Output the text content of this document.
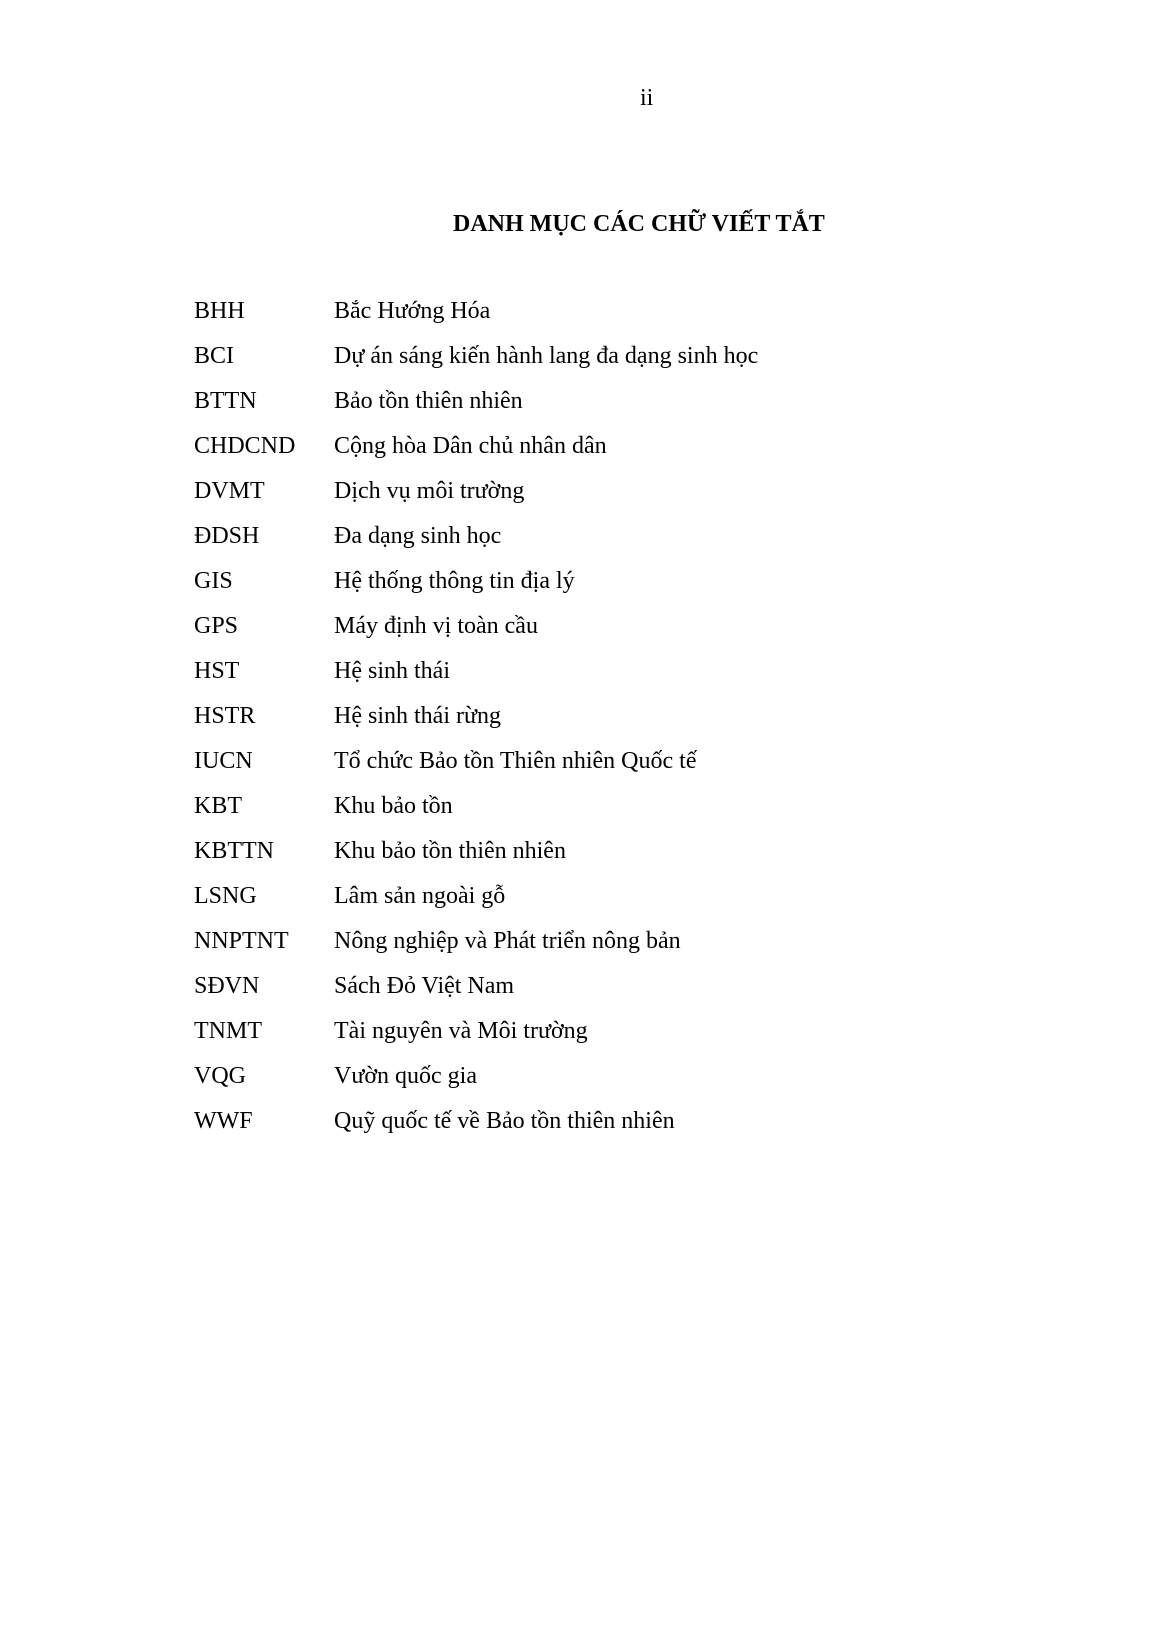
ii
DANH MỤC CÁC CHỮ VIẾT TẮT
BHH	Bắc Hướng Hóa
BCI	Dự án sáng kiến hành lang đa dạng sinh học
BTTN	Bảo tồn thiên nhiên
CHDCND	Cộng hòa Dân chủ nhân dân
DVMT	Dịch vụ môi trường
ĐDSH	Đa dạng sinh học
GIS	Hệ thống thông tin địa lý
GPS	Máy định vị toàn cầu
HST	Hệ sinh thái
HSTR	Hệ sinh thái rừng
IUCN	Tổ chức Bảo tồn Thiên nhiên Quốc tế
KBT	Khu bảo tồn
KBTTN	Khu bảo tồn thiên nhiên
LSNG	Lâm sản ngoài gỗ
NNPTNT	Nông nghiệp và Phát triển nông bản
SĐVN	Sách Đỏ Việt Nam
TNMT	Tài nguyên và Môi trường
VQG	Vườn quốc gia
WWF	Quỹ quốc tế về Bảo tồn thiên nhiên
